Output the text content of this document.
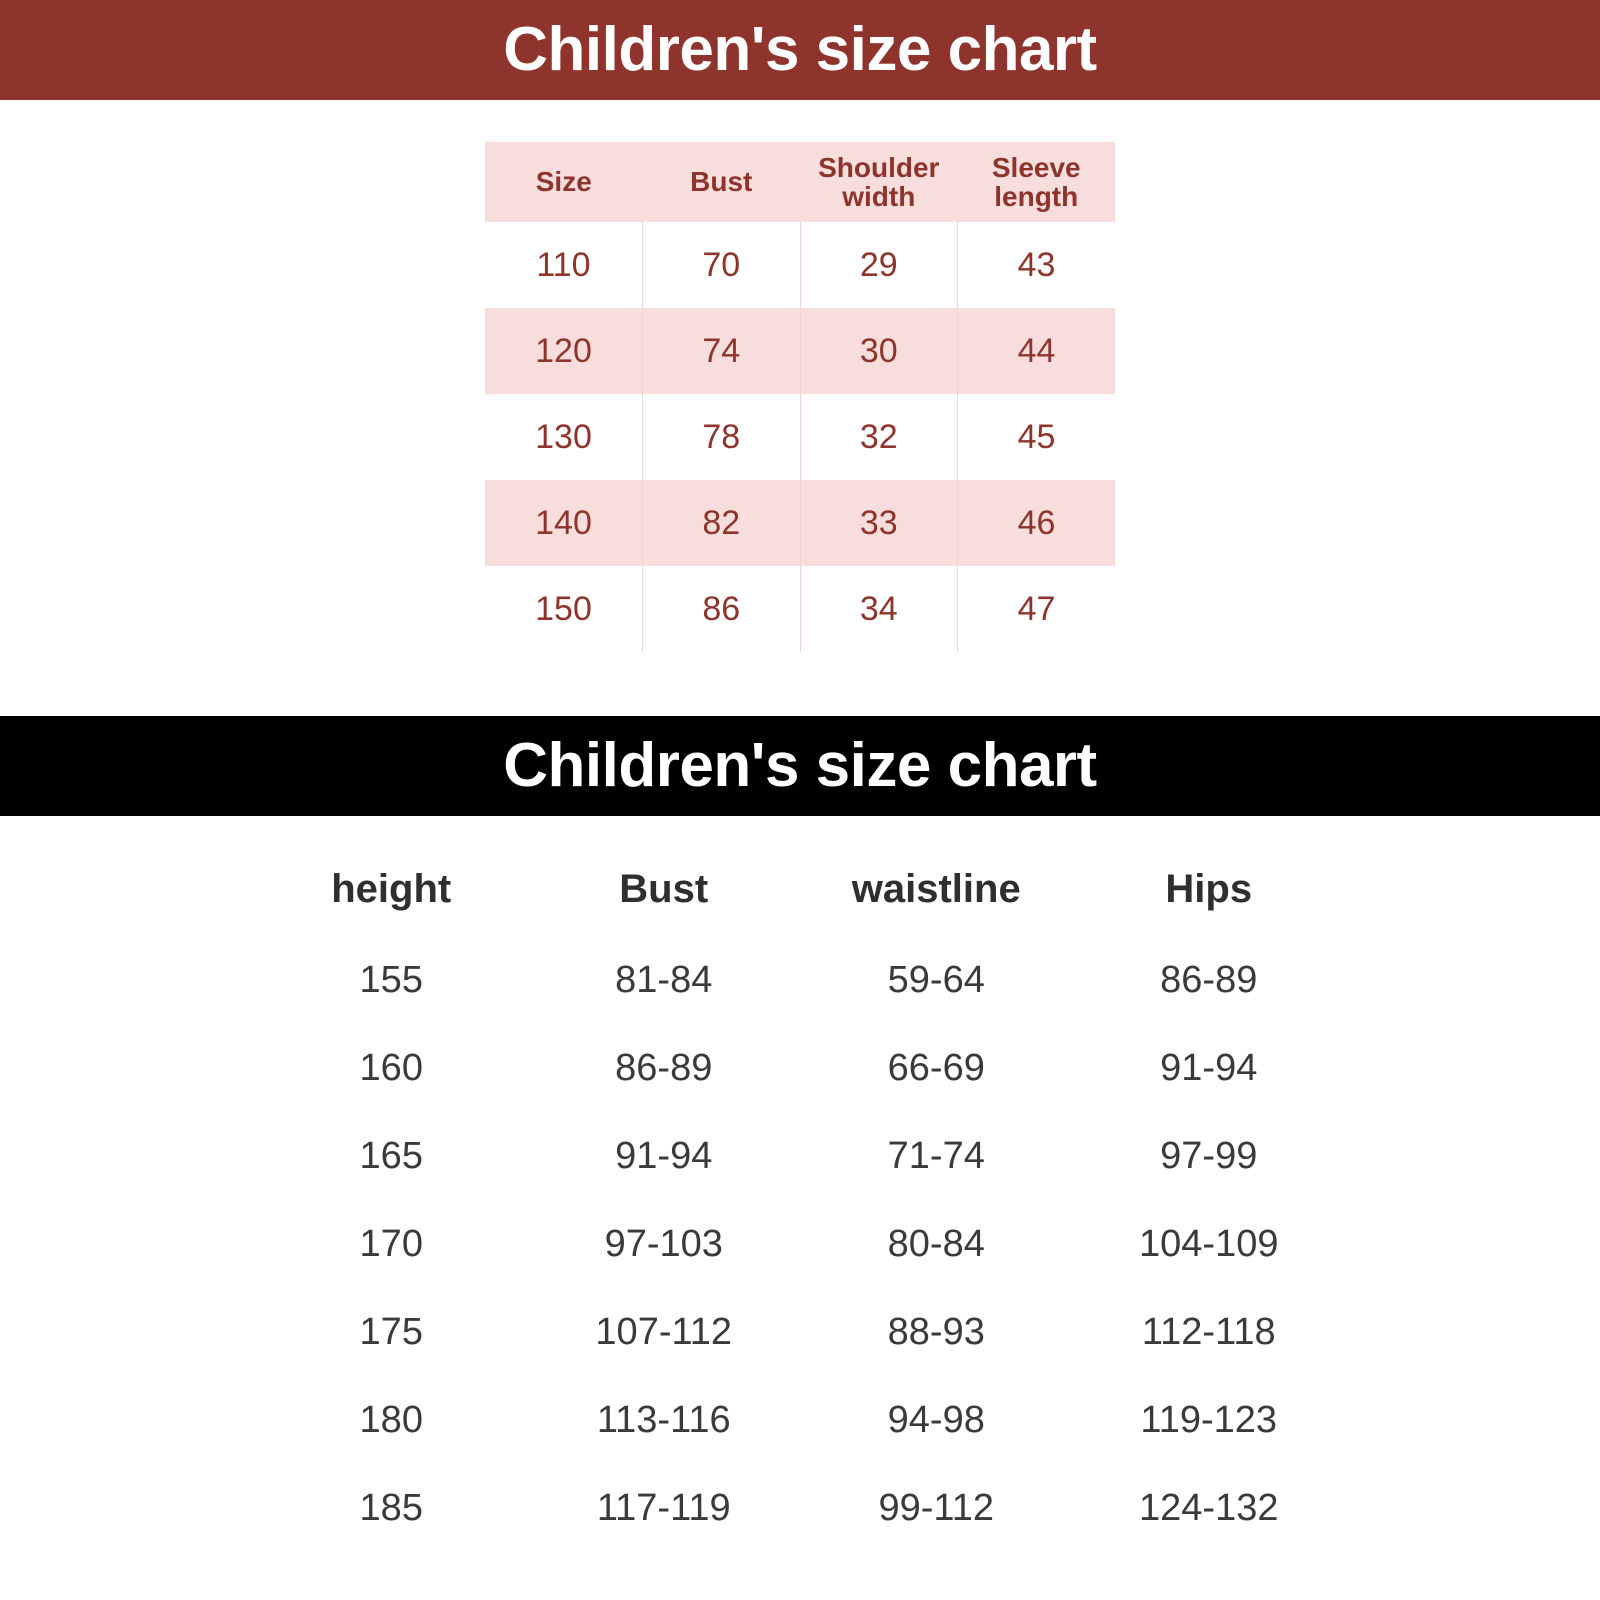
Children's size chart
Size	Bust	Shoulder width	Sleeve length
110	70	29	43
120	74	30	44
130	78	32	45
140	82	33	46
150	86	34	47
Children's size chart
height	Bust	waistline	Hips
155	81-84	59-64	86-89
160	86-89	66-69	91-94
165	91-94	71-74	97-99
170	97-103	80-84	104-109
175	107-112	88-93	112-118
180	113-116	94-98	119-123
185	117-119	99-112	124-132
